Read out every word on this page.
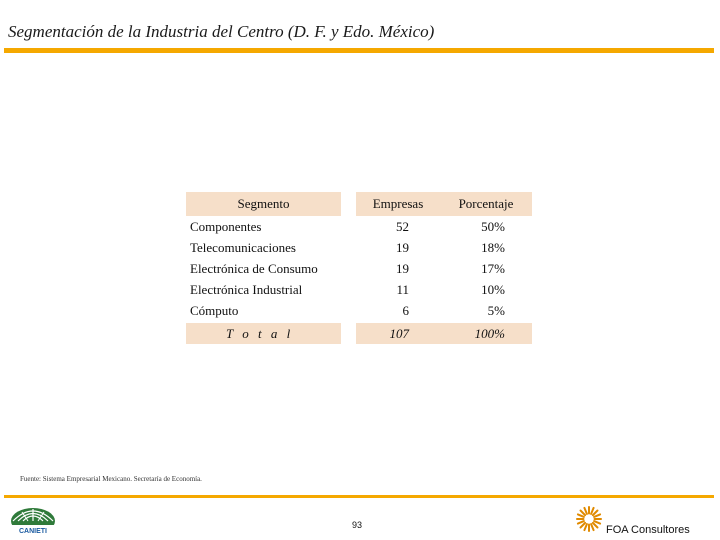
Segmentación de la Industria del Centro (D. F. y Edo. México)
Segmento	Empresas	Porcentaje
Componentes	52	50%
Telecomunicaciones	19	18%
Electrónica de Consumo	19	17%
Electrónica Industrial	11	10%
Cómputo	6	5%
T o t a l	107	100%
Fuente: Sistema Empresarial Mexicano. Secretaría de Economía.
CANIETI
93	FOA Consultores
